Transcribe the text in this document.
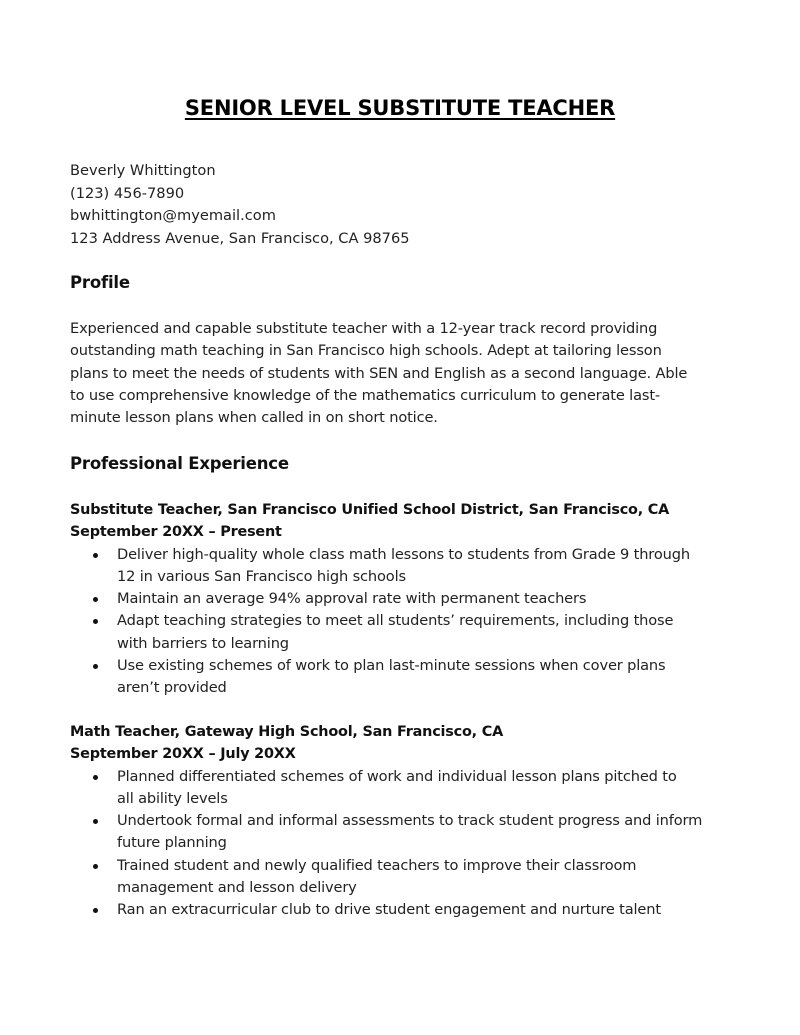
SENIOR LEVEL SUBSTITUTE TEACHER
Beverly Whittington
(123) 456-7890
bwhittington@myemail.com
123 Address Avenue, San Francisco, CA 98765
Profile
Experienced and capable substitute teacher with a 12-year track record providing
outstanding math teaching in San Francisco high schools. Adept at tailoring lesson
plans to meet the needs of students with SEN and English as a second language. Able
to use comprehensive knowledge of the mathematics curriculum to generate last-
minute lesson plans when called in on short notice.
Professional Experience
Substitute Teacher, San Francisco Unified School District, San Francisco, CA
September 20XX – Present
Deliver high-quality whole class math lessons to students from Grade 9 through
12 in various San Francisco high schools
Maintain an average 94% approval rate with permanent teachers
Adapt teaching strategies to meet all students’ requirements, including those
with barriers to learning
Use existing schemes of work to plan last-minute sessions when cover plans
aren’t provided
Math Teacher, Gateway High School, San Francisco, CA
September 20XX – July 20XX
Planned differentiated schemes of work and individual lesson plans pitched to
all ability levels
Undertook formal and informal assessments to track student progress and inform
future planning
Trained student and newly qualified teachers to improve their classroom
management and lesson delivery
Ran an extracurricular club to drive student engagement and nurture talent
